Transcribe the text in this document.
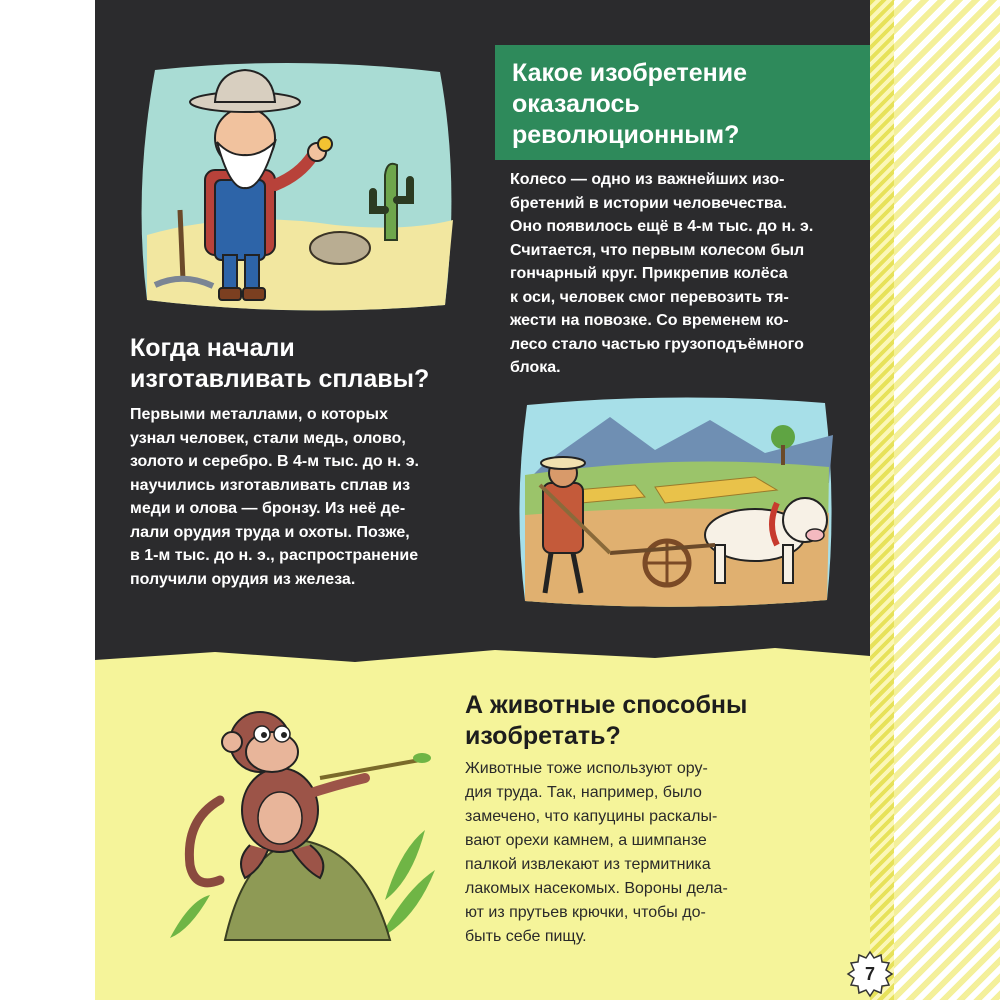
Какое изобретение
оказалось
революционным?

Колесо — одно из важнейших изо-
бретений в истории человечества.
Оно появилось ещё в 4-м тыс. до н. э.
Считается, что первым колесом был
гончарный круг. Прикрепив колёса
к оси, человек смог перевозить тя-
жести на повозке. Со временем ко-
лесо стало частью грузоподъёмного
блока.

Когда начали
изготавливать сплавы?

Первыми металлами, о которых
узнал человек, стали медь, олово,
золото и серебро. В 4-м тыс. до н. э.
научились изготавливать сплав из
меди и олова — бронзу. Из неё де-
лали орудия труда и охоты. Позже,
в 1-м тыс. до н. э., распространение
получили орудия из железа.

А животные способны
изобретать?

Животные тоже используют ору-
дия труда. Так, например, было
замечено, что капуцины раскалы-
вают орехи камнем, а шимпанзе
палкой извлекают из термитника
лакомых насекомых. Вороны дела-
ют из прутьев крючки, чтобы до-
быть себе пищу.

7
